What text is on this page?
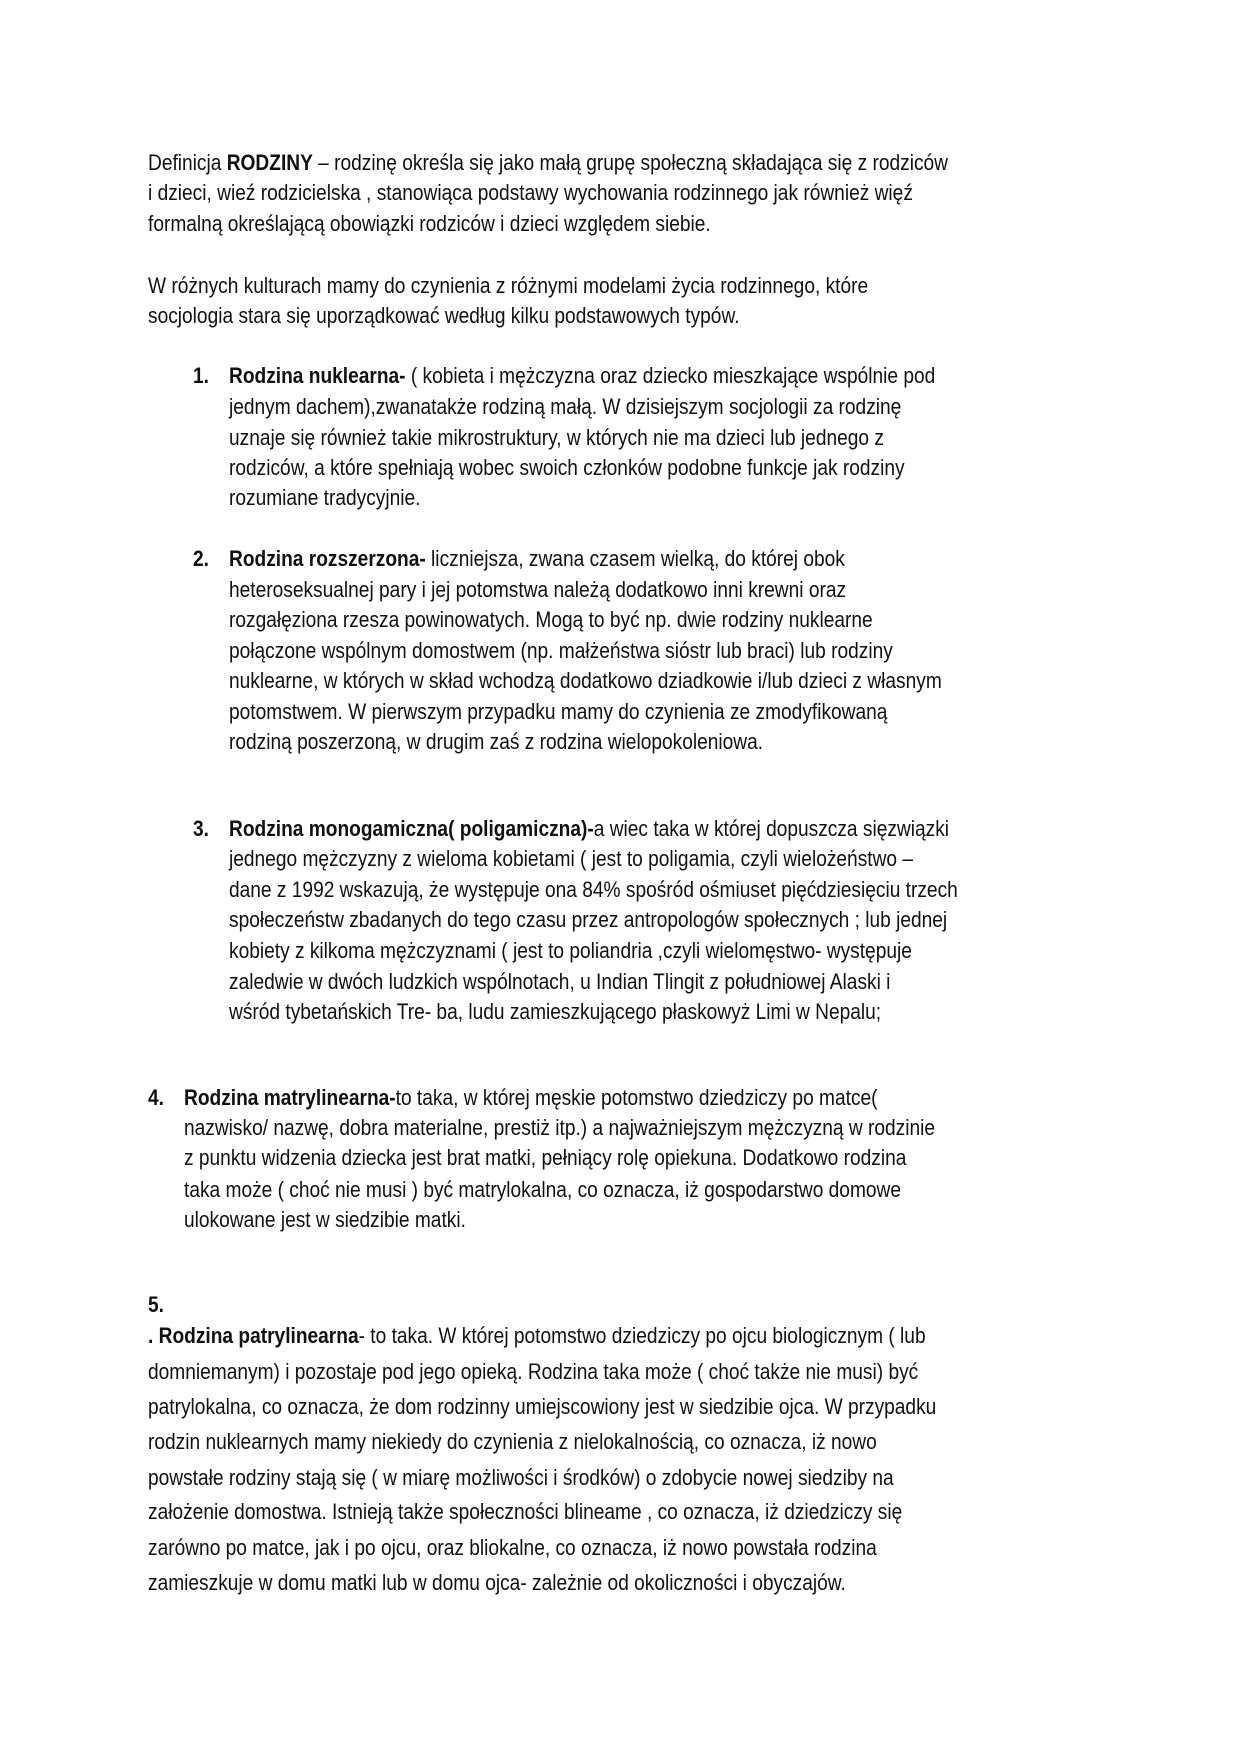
Definicja RODZINY – rodzinę określa się jako małą grupę społeczną składająca się z rodziców
i dzieci, wieź rodzicielska , stanowiąca podstawy wychowania rodzinnego jak również więź
formalną określającą obowiązki rodziców i dzieci względem siebie.
W różnych kulturach mamy do czynienia z różnymi modelami życia rodzinnego, które
socjologia stara się uporządkować według kilku podstawowych typów.
1. Rodzina nuklearna- ( kobieta i mężczyzna oraz dziecko mieszkające wspólnie pod
jednym dachem),zwanatakże rodziną małą. W dzisiejszym socjologii za rodzinę
uznaje się również takie mikrostruktury, w których nie ma dzieci lub jednego z
rodziców, a które spełniają wobec swoich członków podobne funkcje jak rodziny
rozumiane tradycyjnie.
2. Rodzina rozszerzona- liczniejsza, zwana czasem wielką, do której obok
heteroseksualnej pary i jej potomstwa należą dodatkowo inni krewni oraz
rozgałęziona rzesza powinowatych. Mogą to być np. dwie rodziny nuklearne
połączone wspólnym domostwem (np. małżeństwa sióstr lub braci) lub rodziny
nuklearne, w których w skład wchodzą dodatkowo dziadkowie i/lub dzieci z własnym
potomstwem. W pierwszym przypadku mamy do czynienia ze zmodyfikowaną
rodziną poszerzoną, w drugim zaś z rodzina wielopokoleniowa.
3. Rodzina monogamiczna( poligamiczna)-a wiec taka w której dopuszcza sięzwiązki
jednego mężczyzny z wieloma kobietami ( jest to poligamia, czyli wielożeństwo –
dane z 1992 wskazują, że występuje ona 84% spośród ośmiuset pięćdziesięciu trzech
społeczeństw zbadanych do tego czasu przez antropologów społecznych ; lub jednej
kobiety z kilkoma mężczyznami ( jest to poliandria ,czyli wielomęstwo- występuje
zaledwie w dwóch ludzkich wspólnotach, u Indian Tlingit z południowej Alaski i
wśród tybetańskich Tre- ba, ludu zamieszkującego płaskowyż Limi w Nepalu;
4. Rodzina matrylinearna-to taka, w której męskie potomstwo dziedziczy po matce(
nazwisko/ nazwę, dobra materialne, prestiż itp.) a najważniejszym mężczyzną w rodzinie
z punktu widzenia dziecka jest brat matki, pełniący rolę opiekuna. Dodatkowo rodzina
taka może ( choć nie musi ) być matrylokalna, co oznacza, iż gospodarstwo domowe
ulokowane jest w siedzibie matki.
5.
. Rodzina patrylinearna- to taka. W której potomstwo dziedziczy po ojcu biologicznym ( lub
domniemanym) i pozostaje pod jego opieką. Rodzina taka może ( choć także nie musi) być
patrylokalna, co oznacza, że dom rodzinny umiejscowiony jest w siedzibie ojca. W przypadku
rodzin nuklearnych mamy niekiedy do czynienia z nielokalnością, co oznacza, iż nowo
powstałe rodziny stają się ( w miarę możliwości i środków) o zdobycie nowej siedziby na
założenie domostwa. Istnieją także społeczności blineame , co oznacza, iż dziedziczy się
zarówno po matce, jak i po ojcu, oraz bliokalne, co oznacza, iż nowo powstała rodzina
zamieszkuje w domu matki lub w domu ojca- zależnie od okoliczności i obyczajów.
